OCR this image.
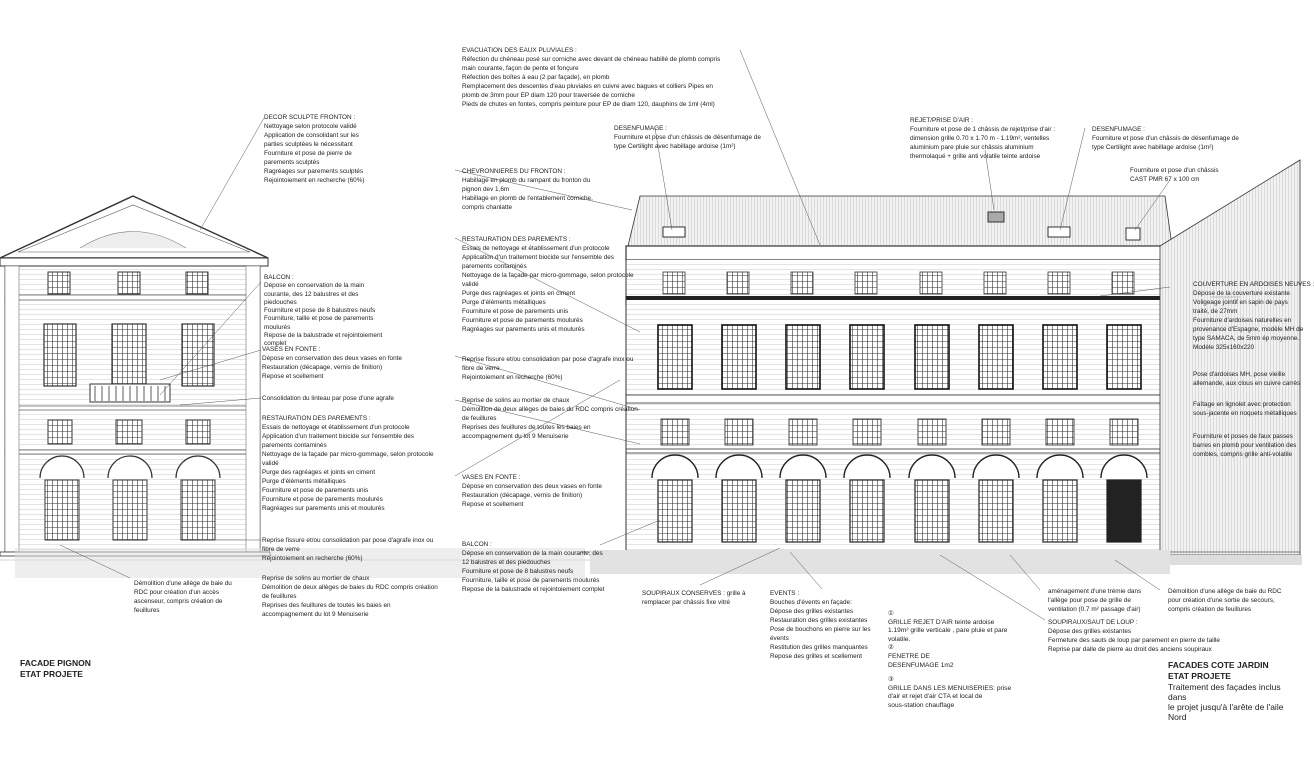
FACADE PIGNON
ETAT PROJETE
FACADES COTE JARDIN
ETAT PROJETE
Traitement des façades inclus dans
le projet jusqu'à l'arête de l'aile Nord
DECOR SCULPTE FRONTON :
Nettoyage selon protocole validé
Application de consolidant sur les
parties sculptées le nécessitant
Fourniture et pose de pierre de
parements sculptés
Ragréages sur parements sculptés
Rejointoiement en recherche (60%)
BALCON :
Dépose en conservation de la main
courante, des 12 balustres et des
piedouches
Fourniture et pose de 8 balustres neufs
Fourniture, taille et pose de parements
moulurés
Repose de la balustrade et rejointoiement
complet
VASES EN FONTE :
Dépose en conservation des deux vases en fonte
Restauration (décapage, vernis de finition)
Repose et scellement
Consolidation du linteau par pose d'une agrafe
RESTAURATION DES PAREMENTS :
Essais de nettoyage et établissement d'un protocole
Application d'un traitement biocide sur l'ensemble des
parements contaminés
Nettoyage de la façade par micro-gommage, selon protocole
validé
Purge des ragréages et joints en ciment
Purge d'éléments métalliques
Fourniture et pose de parements unis
Fourniture et pose de parements moulurés
Ragréages sur parements unis et moulurés
Reprise fissure et/ou consolidation par pose d'agrafe inox ou
fibre de verre
Rejointoiement en recherche (60%)
Reprise de solins au mortier de chaux
Démolition de deux allèges de baies du RDC compris création
de feuillures
Reprises des feuillures de toutes les baies en
accompagnement du lot 9 Menuiserie
Démolition d'une allège de baie du
RDC pour création d'un accès
ascenseur, compris création de
feuillures
EVACUATION DES EAUX PLUVIALES :
Réfection du chéneau posé sur corniche avec devant de chéneau habillé de plomb compris
main courante, façon de pente et fonçure
Réfection des boîtes à eau (2 par façade), en plomb
Remplacement des descentes d'eau pluviales en cuivre avec bagues et colliers Pipes en
plomb de 3mm pour EP diam 120 pour traversée de corniche
Pieds de chutes en fontes, compris peinture pour EP de diam 120, dauphins de 1ml (4ml)
DESENFUMAGE :
Fourniture et pose d'un châssis de désenfumage de
type Certilight avec habillage ardoise (1m²)
CHEVRONNIERES DU FRONTON :
Habillage en plomb du rampant du fronton du
pignon dev 1,6m
Habillage en plomb de l'entablement corniche,
compris chanlatte
RESTAURATION DES PAREMENTS :
Essais de nettoyage et établissement d'un protocole
Application d'un traitement biocide sur l'ensemble des
parements contaminés
Nettoyage de la façade par micro-gommage, selon protocole
validé
Purge des ragréages et joints en ciment
Purge d'éléments métalliques
Fourniture et pose de parements unis
Fourniture et pose de parements moulurés
Ragréages sur parements unis et moulurés
Reprise fissure et/ou consolidation par pose d'agrafe inox ou
fibre de verre
Rejointoiement en recherche (60%)
Reprise de solins au mortier de chaux
Démolition de deux allèges de baies du RDC compris création
de feuillures
Reprises des feuillures de toutes les baies en
accompagnement du lot 9 Menuiserie
VASES EN FONTE :
Dépose en conservation des deux vases en fonte
Restauration (décapage, vernis de finition)
Repose et scellement
BALCON :
Dépose en conservation de la main courante, des
12 balustres et des piedouches
Fourniture et pose de 8 balustres neufs
Fourniture, taille et pose de parements moulurés
Repose de la balustrade et rejointoiement complet
SOUPIRAUX CONSERVES : grille à
remplacer par châssis fixe vitré
EVENTS :
Bouches d'évents en façade:
Dépose des grilles existantes
Restauration des grilles existantes
Pose de bouchons en pierre sur les
évents
Restitution des grilles manquantes
Repose des grilles et scellement
REJET/PRISE D'AIR :
Fourniture et pose de 1 châssis de rejet/prise d'air :
dimension grille 0.70 x 1.70 m - 1.19m², ventelles
aluminium pare pluie sur châssis aluminium
thermolaqué + grille anti volatile teinte ardoise
DESENFUMAGE :
Fourniture et pose d'un châssis de désenfumage de
type Certilight avec habillage ardoise (1m²)
Fourniture et pose d'un châssis
CAST PMR 67 x 100 cm
COUVERTURE EN ARDOISES NEUVES :
Dépose de la couverture existante
Voligeage jointif en sapin de pays
traité, de 27mm
Fourniture d'ardoises naturelles en
provenance d'Espagne, modèle MH de
type SAMACA, de 5mm ép moyenne.
Modèle 325x160x220
Pose d'ardoises MH, pose vieille
allemande, aux clous en cuivre carrés
Faîtage en lignolet avec protection
sous-jacente en noquets métalliques
Fourniture et poses de faux passes
barres en plomb pour ventilation des
combles, compris grille anti-volatile
aménagement d'une trémie dans
l'allège pour pose de grille de
ventilation (0.7 m² passage d'air)
Démolition d'une allège de baie du RDC
pour création d'une sortie de secours,
compris création de feuillures
SOUPIRAUX/SAUT DE LOUP :
Dépose des grilles existantes
Fermeture des sauts de loup par parement en pierre de taille
Reprise par dalle de pierre au droit des anciens soupiraux
①
GRILLE REJET D'AIR teinte ardoise
1.19m² grille verticale , pare pluie et pare
volatile.
②
FENETRE DE
DESENFUMAGE 1m2
③
GRILLE DANS LES MENUISERIES: prise
d'air et rejet d'air CTA et local de
sous-station chauffage
